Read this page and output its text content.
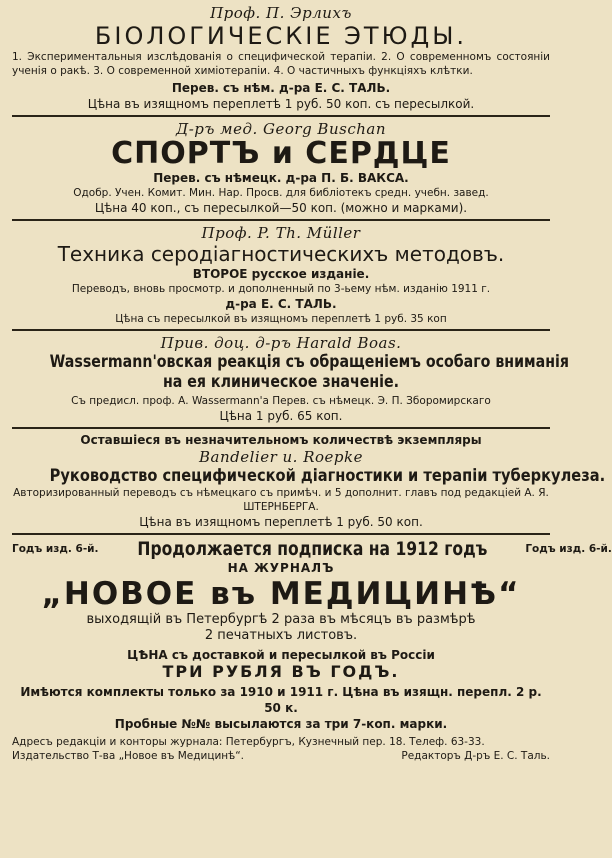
Проф. П. Эрлихъ
БІОЛОГИЧЕСКІЕ ЭТЮДЫ.
1. Экспериментальныя изслѣдованія о специфической терапіи. 2. О современномъ состояніи ученія о ракѣ. 3. О современной химіотерапіи. 4. О частичныхъ функціяхъ клѣтки.
Перев. съ нѣм. д-ра Е. С. ТАЛЬ.
Цѣна въ изящномъ переплетѣ 1 руб. 50 коп. съ пересылкой.
Д-ръ мед. Georg Buschan
СПОРТЪ и СЕРДЦЕ
Перев. съ нѣмецк. д-ра П. Б. ВАКСА.
Одобр. Учен. Комит. Мин. Нар. Просв. для библіотекъ средн. учебн. завед.
Цѣна 40 коп., съ пересылкой—50 коп. (можно и марками).
Проф. P. Th. Müller
Техника серодіагностическихъ методовъ.
ВТОРОЕ русское изданіе.
Переводъ, вновь просмотр. и дополненный по 3-ьему нѣм. изданію 1911 г.
д-ра Е. С. ТАЛЬ.
Цѣна съ пересылкой въ изящномъ переплетѣ 1 руб. 35 коп
Прив. доц. д-ръ Harald Boas.
Wassermann'овская реакція съ обращеніемъ особаго вниманія
на ея клиническое значеніе.
Съ предисл. проф. А. Wassermann'а Перев. съ нѣмецк. Э. П. Зборомирскаго
Цѣна 1 руб. 65 коп.
Оставшіеся въ незначительномъ количествѣ экземпляры
Bandelier и. Roepke
Руководство специфической діагностики и терапіи туберкулеза.
Авторизированный переводъ съ нѣмецкаго съ примѣч. и 5 дополнит. главъ под редакціей А. Я. ШТЕРНБЕРГА.
Цѣна въ изящномъ переплетѣ 1 руб. 50 коп.
Годъ изд. 6-й. Продолжается подписка на 1912 годъ	Годъ изд. 6-й.
НА ЖУРНАЛЪ
„НОВОЕ въ МЕДИЦИНѢ“
выходящій въ Петербургѣ 2 раза въ мѣсяцъ въ размѣрѣ
2 печатныхъ листовъ.
ЦѢНА съ доставкой и пересылкой въ Россіи
ТРИ РУБЛЯ ВЪ ГОДЪ.
Имѣются комплекты только за 1910 и 1911 г. Цѣна въ изящн. перепл. 2 р. 50 к.
Пробные №№ высылаются за три 7-коп. марки.
Адресъ редакціи и конторы журнала: Петербургъ, Кузнечный пер. 18. Телеф. 63-33.
Издательство Т-ва „Новое въ Медицинѣ“.	Редакторъ Д-ръ Е. С. Таль.
